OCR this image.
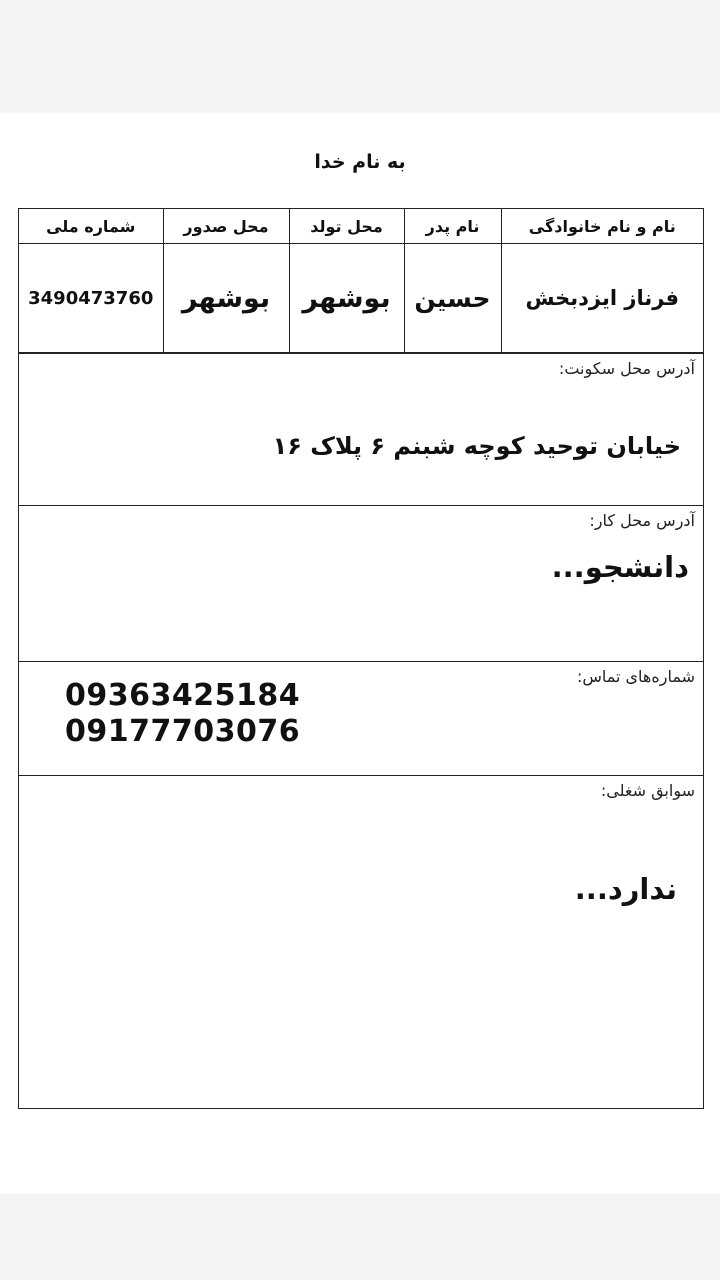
به نام خدا
نام و نام خانوادگی	نام پدر	محل تولد	محل صدور	شماره ملی
فرناز ایزدبخش	حسین	بوشهر	بوشهر	3490473760
آدرس محل سکونت:
خیابان توحید کوچه شبنم ۶ پلاک ۱۶
آدرس محل کار:
دانشجو...
شماره‌های تماس:
09363425184
09177703076
سوابق شغلی:
ندارد...
